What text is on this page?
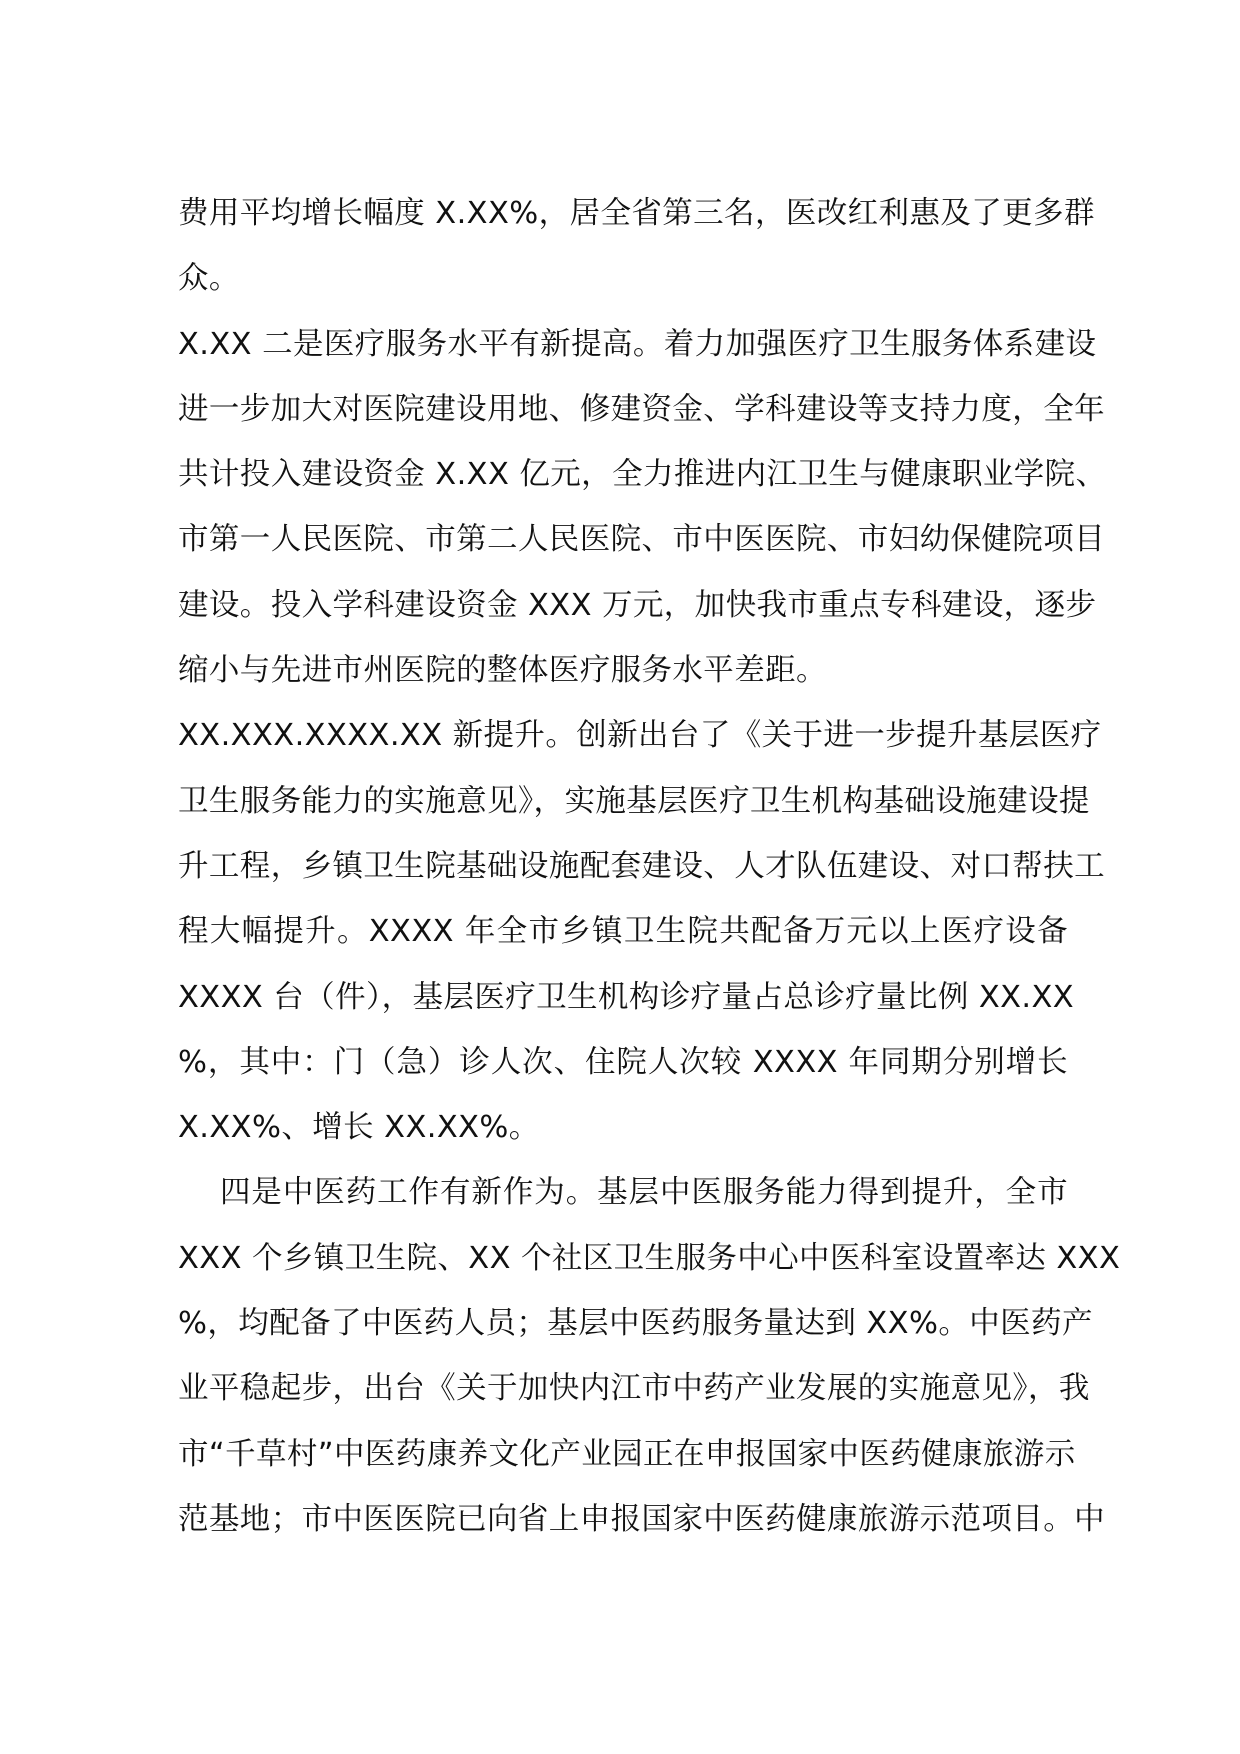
费用平均增长幅度 X.XX%，居全省第三名，医改红利惠及了更多群
众。
X.XX 二是医疗服务水平有新提高。着力加强医疗卫生服务体系建设
进一步加大对医院建设用地、修建资金、学科建设等支持力度，全年
共计投入建设资金 X.XX 亿元，全力推进内江卫生与健康职业学院、
市第一人民医院、市第二人民医院、市中医医院、市妇幼保健院项目
建设。投入学科建设资金 XXX 万元，加快我市重点专科建设，逐步
缩小与先进市州医院的整体医疗服务水平差距。
XX.XXX.XXXX.XX 新提升。创新出台了《关于进一步提升基层医疗
卫生服务能力的实施意见》，实施基层医疗卫生机构基础设施建设提
升工程，乡镇卫生院基础设施配套建设、人才队伍建设、对口帮扶工
程大幅提升。XXXX 年全市乡镇卫生院共配备万元以上医疗设备
XXXX 台（件），基层医疗卫生机构诊疗量占总诊疗量比例 XX.XX
%，其中：门（急）诊人次、住院人次较 XXXX 年同期分别增长
X.XX%、增长 XX.XX%。
四是中医药工作有新作为。基层中医服务能力得到提升，全市
XXX 个乡镇卫生院、XX 个社区卫生服务中心中医科室设置率达 XXX
%，均配备了中医药人员；基层中医药服务量达到 XX%。中医药产
业平稳起步，出台《关于加快内江市中药产业发展的实施意见》，我
市“千草村”中医药康养文化产业园正在申报国家中医药健康旅游示
范基地；市中医医院已向省上申报国家中医药健康旅游示范项目。中
